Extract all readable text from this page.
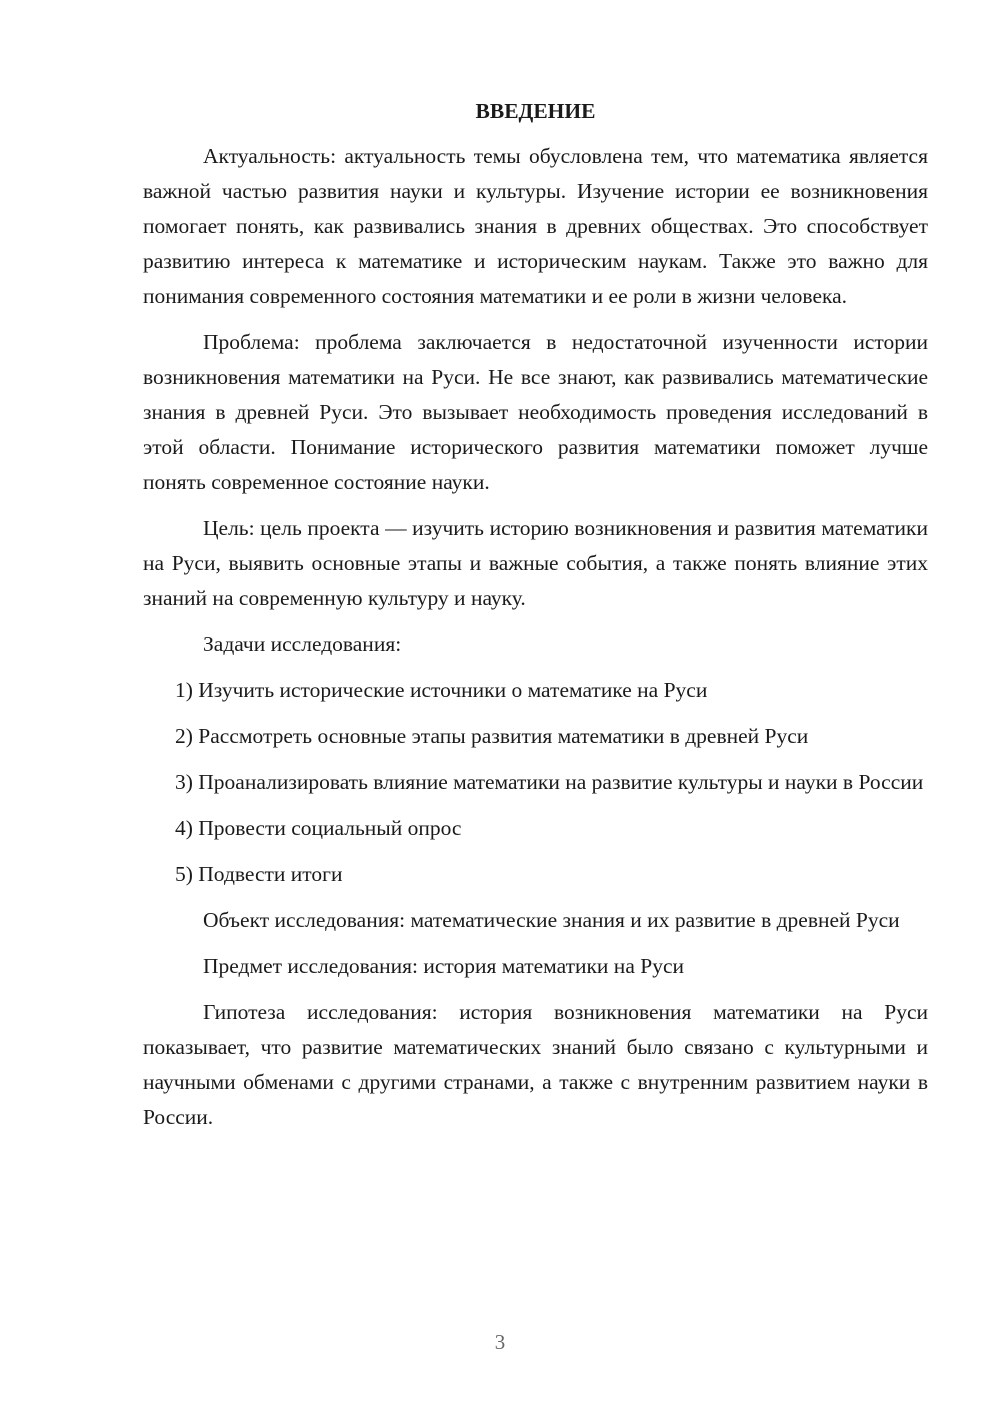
ВВЕДЕНИЕ

Актуальность: актуальность темы обусловлена тем, что математика является важной частью развития науки и культуры. Изучение истории ее возникновения помогает понять, как развивались знания в древних обществах. Это способствует развитию интереса к математике и историческим наукам. Также это важно для понимания современного состояния математики и ее роли в жизни человека.

Проблема: проблема заключается в недостаточной изученности истории возникновения математики на Руси. Не все знают, как развивались математические знания в древней Руси. Это вызывает необходимость проведения исследований в этой области. Понимание исторического развития математики поможет лучше понять современное состояние науки.

Цель: цель проекта — изучить историю возникновения и развития математики на Руси, выявить основные этапы и важные события, а также понять влияние этих знаний на современную культуру и науку.

Задачи исследования:

1) Изучить исторические источники о математике на Руси

2) Рассмотреть основные этапы развития математики в древней Руси

3) Проанализировать влияние математики на развитие культуры и науки в России

4) Провести социальный опрос

5) Подвести итоги

Объект исследования: математические знания и их развитие в древней Руси

Предмет исследования: история математики на Руси

Гипотеза исследования: история возникновения математики на Руси показывает, что развитие математических знаний было связано с культурными и научными обменами с другими странами, а также с внутренним развитием науки в России.

3
